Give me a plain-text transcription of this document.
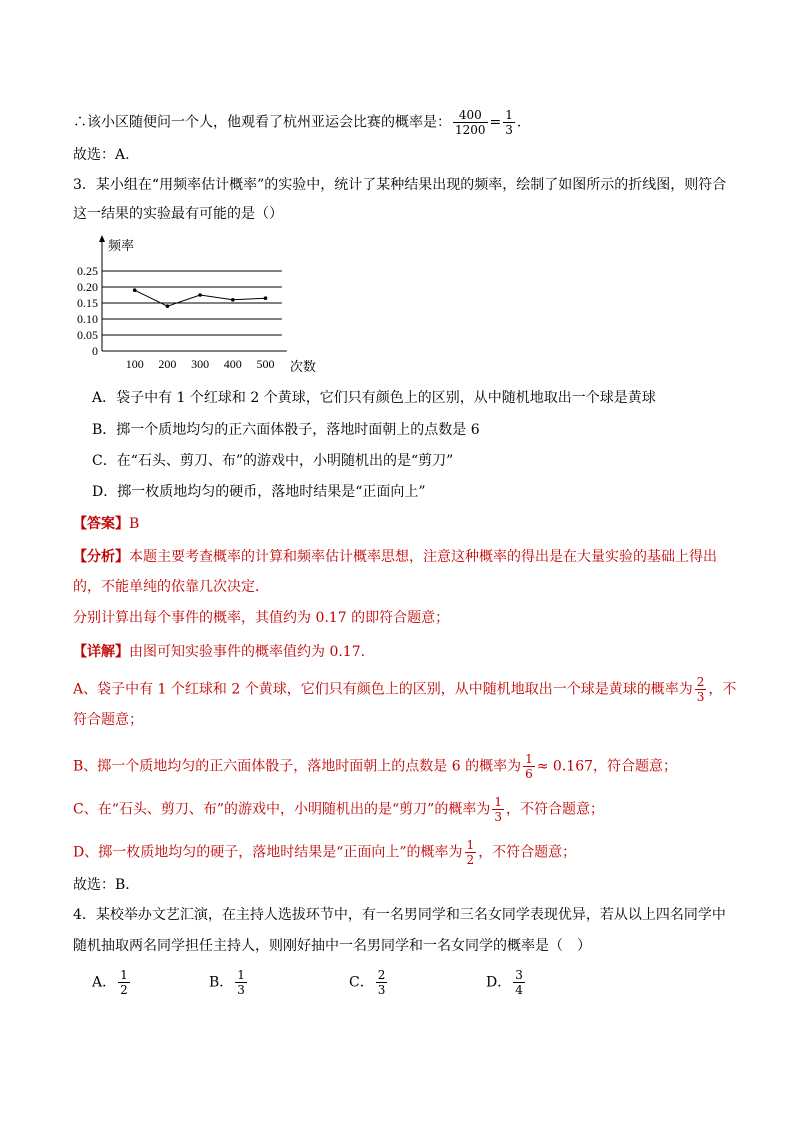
∴该小区随便问一个人，他观看了杭州亚运会比赛的概率是： $\frac{400}{1200} = \frac{1}{3}$ .
故选：A.
3．某小组在“用频率估计概率”的实验中，统计了某种结果出现的频率，绘制了如图所示的折线图，则符合
这一结果的实验最有可能的是（）
0
0.05
0.10
0.15
0.20
0.25
100 200 300 400 500
频率
次数
A．袋子中有 1 个红球和 2 个黄球，它们只有颜色上的区别，从中随机地取出一个球是黄球
B．掷一个质地均匀的正六面体骰子，落地时面朝上的点数是 6
C．在“石头、剪刀、布”的游戏中，小明随机出的是“剪刀”
D．掷一枚质地均匀的硬币，落地时结果是“正面向上”
【答案】B
【分析】本题主要考查概率的计算和频率估计概率思想，注意这种概率的得出是在大量实验的基础上得出
的，不能单纯的依靠几次决定．
分别计算出每个事件的概率，其值约为 0.17 的即符合题意；
【详解】由图可知实验事件的概率值约为 0.17.
A、袋子中有 1 个红球和 2 个黄球，它们只有颜色上的区别，从中随机地取出一个球是黄球的概率为 $\frac{2}{3}$ ，不
符合题意；
B、掷一个质地均匀的正六面体骰子，落地时面朝上的点数是 6 的概率为 $\frac{1}{6} \approx 0.167$，符合题意；
C、在“石头、剪刀、布”的游戏中，小明随机出的是“剪刀”的概率为 $\frac{1}{3}$ ，不符合题意；
D、掷一枚质地均匀的硬子，落地时结果是“正面向上”的概率为 $\frac{1}{2}$ ，不符合题意；
故选：B.
4．某校举办文艺汇演，在主持人选拔环节中，有一名男同学和三名女同学表现优异，若从以上四名同学中
随机抽取两名同学担任主持人，则刚好抽中一名男同学和一名女同学的概率是（　）
A． $\frac{1}{2}$	B． $\frac{1}{3}$	C． $\frac{2}{3}$	D． $\frac{3}{4}$
